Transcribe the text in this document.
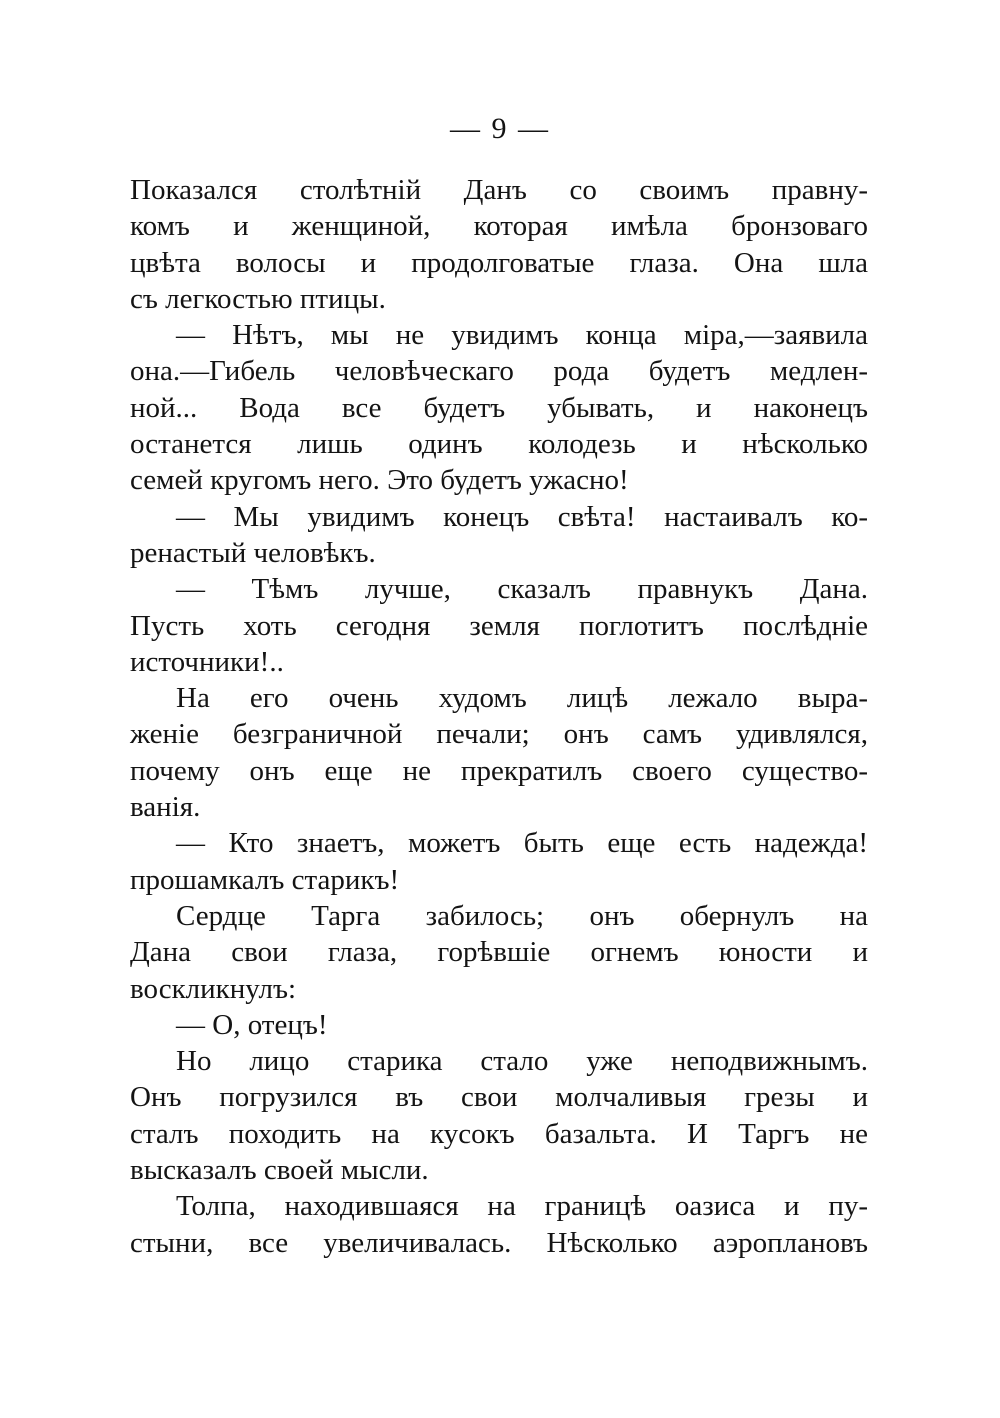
— 9 —
Показался столѣтній Данъ со своимъ правну-
комъ и женщиной, которая имѣла бронзоваго
цвѣта волосы и продолговатые глаза. Она шла
съ легкостью птицы.
— Нѣтъ, мы не увидимъ конца міра,—заявила
она.—Гибель человѣческаго рода будетъ медлен-
ной... Вода все будетъ убывать, и наконецъ
останется лишь одинъ колодезь и нѣсколько
семей кругомъ него. Это будетъ ужасно!
— Мы увидимъ конецъ свѣта! настаивалъ ко-
ренастый человѣкъ.
— Тѣмъ лучше, сказалъ правнукъ Дана.
Пусть хоть сегодня земля поглотитъ послѣдніе
источники!..
На его очень худомъ лицѣ лежало выра-
женіе безграничной печали; онъ самъ удивлялся,
почему онъ еще не прекратилъ своего существо-
ванія.
— Кто знаетъ, можетъ быть еще есть надежда!
прошамкалъ старикъ!
Сердце Тарга забилось; онъ обернулъ на
Дана свои глаза, горѣвшіе огнемъ юности и
воскликнулъ:
— О, отецъ!
Но лицо старика стало уже неподвижнымъ.
Онъ погрузился въ свои молчаливыя грезы и
сталъ походить на кусокъ базальта. И Таргъ не
высказалъ своей мысли.
Толпа, находившаяся на границѣ оазиса и пу-
стыни, все увеличивалась. Нѣсколько аэроплановъ
